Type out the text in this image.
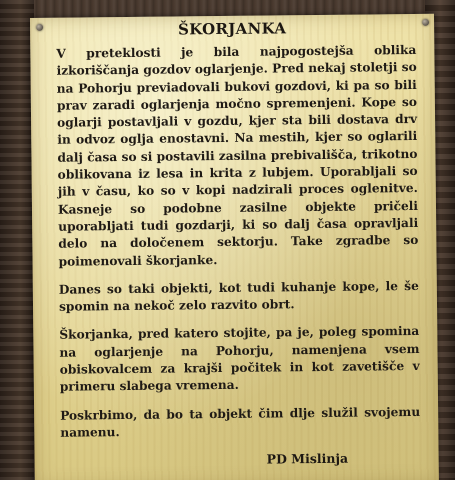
ŠKORJANKA

V preteklosti je bila najpogostejša oblika
izkoriščanja gozdov oglarjenje. Pred nekaj stoletji so
na Pohorju previadovali bukovi gozdovi, ki pa so bili
prav zaradi oglarjenja močno spremenjeni. Kope so
oglarji postavljali v gozdu, kjer sta bili dostava drv
in odvoz oglja enostavni. Na mestih, kjer so oglarili
dalj časa so si postavili zasilna prebivališča, trikotno
oblikovana iz lesa in krita z lubjem. Uporabljali so
jih v času, ko so v kopi nadzirali proces oglenitve.
Kasneje so podobne zasilne objekte pričeli
uporabljati tudi gozdarji, ki so dalj časa opravljali
delo na določenem sektorju. Take zgradbe so
poimenovali škorjanke.

Danes so taki objekti, kot tudi kuhanje kope, le še
spomin na nekoč zelo razvito obrt.

Škorjanka, pred katero stojite, pa je, poleg spomina
na oglarjenje na Pohorju, namenjena vsem
obiskovalcem za krajši počitek in kot zavetišče v
primeru slabega vremena.

Poskrbimo, da bo ta objekt čim dlje služil svojemu
namenu.

PD Mislinja
